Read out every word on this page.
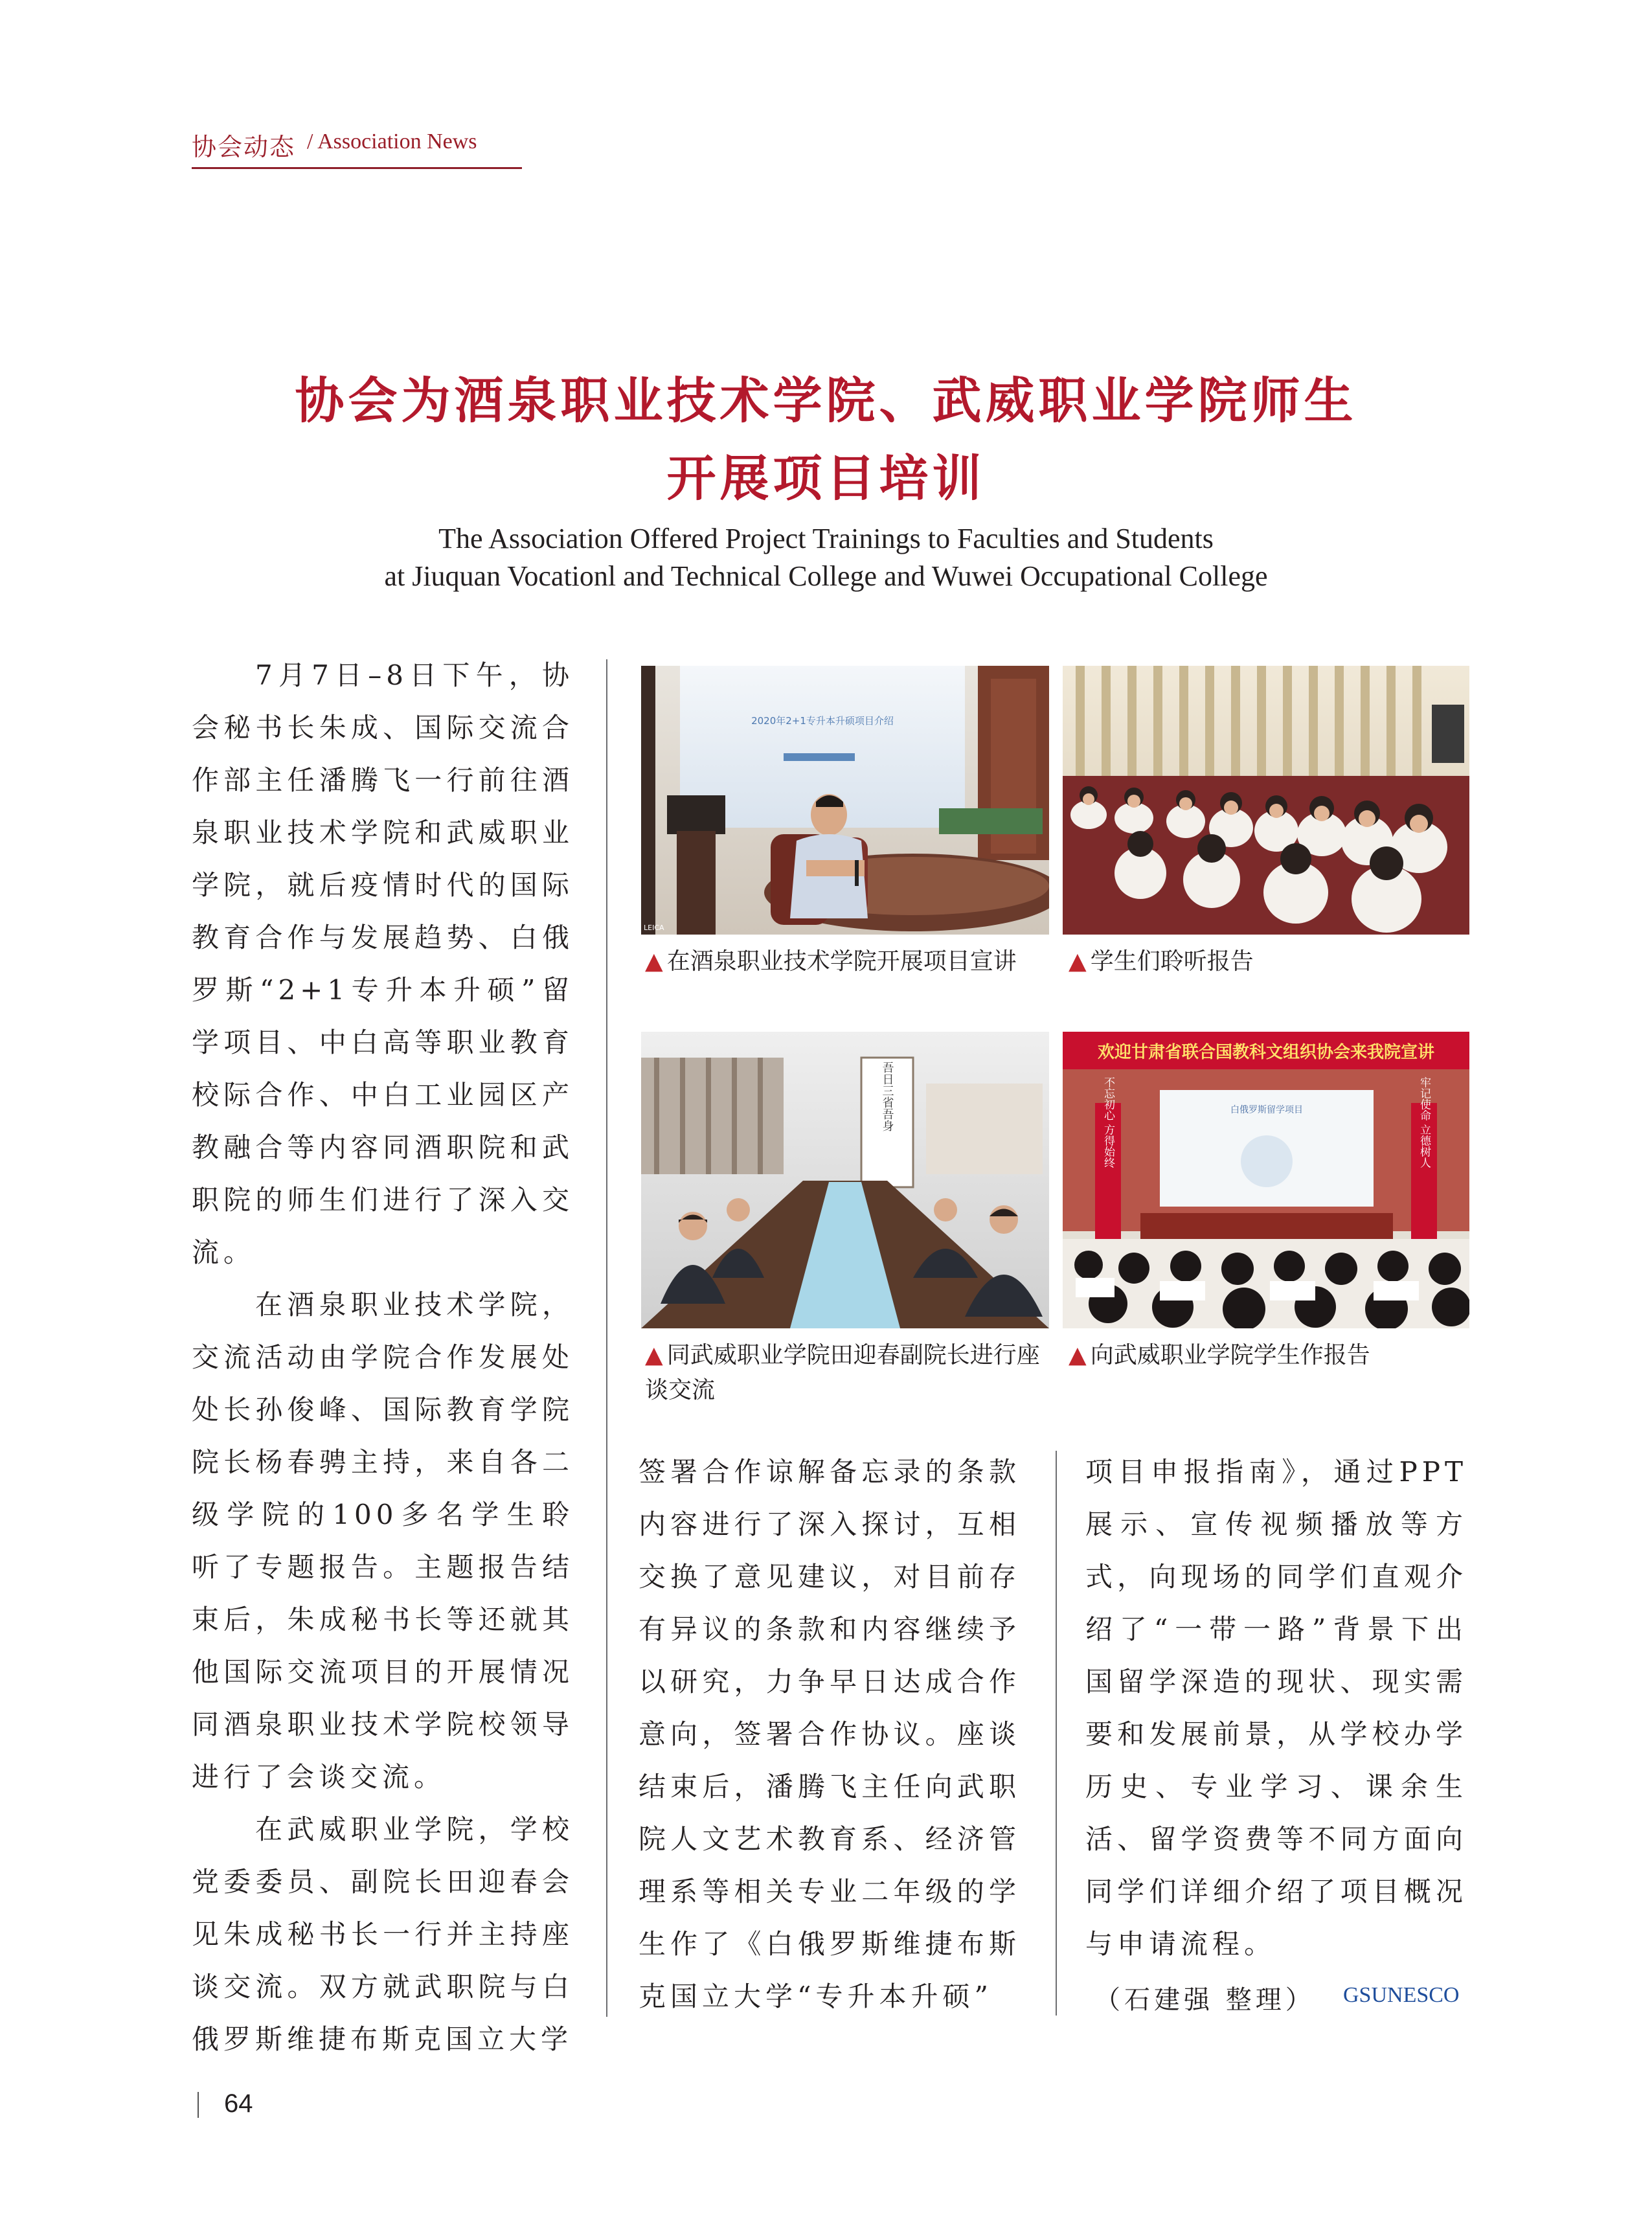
协会动态 / Association News
协会为酒泉职业技术学院、武威职业学院师生
开展项目培训
The Association Offered Project Trainings to Faculties and Students
at Jiuquan Vocationl and Technical College and Wuwei Occupational College

7月7日–8日下午，协会秘书长朱成、国际交流合作部主任潘腾飞一行前往酒泉职业技术学院和武威职业学院，就后疫情时代的国际教育合作与发展趋势、白俄罗斯“2+1专升本升硕”留学项目、中白高等职业教育校际合作、中白工业园区产教融合等内容同酒职院和武职院的师生们进行了深入交流。

在酒泉职业技术学院，交流活动由学院合作发展处处长孙俊峰、国际教育学院院长杨春骋主持，来自各二级学院的100多名学生聆听了专题报告。主题报告结束后，朱成秘书长等还就其他国际交流项目的开展情况同酒泉职业技术学院校领导进行了会谈交流。

在武威职业学院，学校党委委员、副院长田迎春会见朱成秘书长一行并主持座谈交流。双方就武职院与白俄罗斯维捷布斯克国立大学

2020年2+1专升本升硕项目介绍
LEICA
▲ 在酒泉职业技术学院开展项目宣讲	▲ 学生们聆听报告
吾日三省吾身
▲ 同武威职业学院田迎春副院长进行座谈交流
欢迎甘肃省联合国教科文组织协会来我院宣讲
白俄罗斯留学项目
不忘初心 方得始终	牢记使命 立德树人
▲ 向武威职业学院学生作报告

签署合作谅解备忘录的条款内容进行了深入探讨，互相交换了意见建议，对目前存有异议的条款和内容继续予以研究，力争早日达成合作意向，签署合作协议。座谈结束后，潘腾飞主任向武职院人文艺术教育系、经济管理系等相关专业二年级的学生作了《白俄罗斯维捷布斯克国立大学“专升本升硕”

项目申报指南》，通过PPT展示、宣传视频播放等方式，向现场的同学们直观介绍了“一带一路”背景下出国留学深造的现状、现实需要和发展前景，从学校办学历史、专业学习、课余生活、留学资费等不同方面向同学们详细介绍了项目概况与申请流程。

（石建强 整理） GSUNESCO
64
